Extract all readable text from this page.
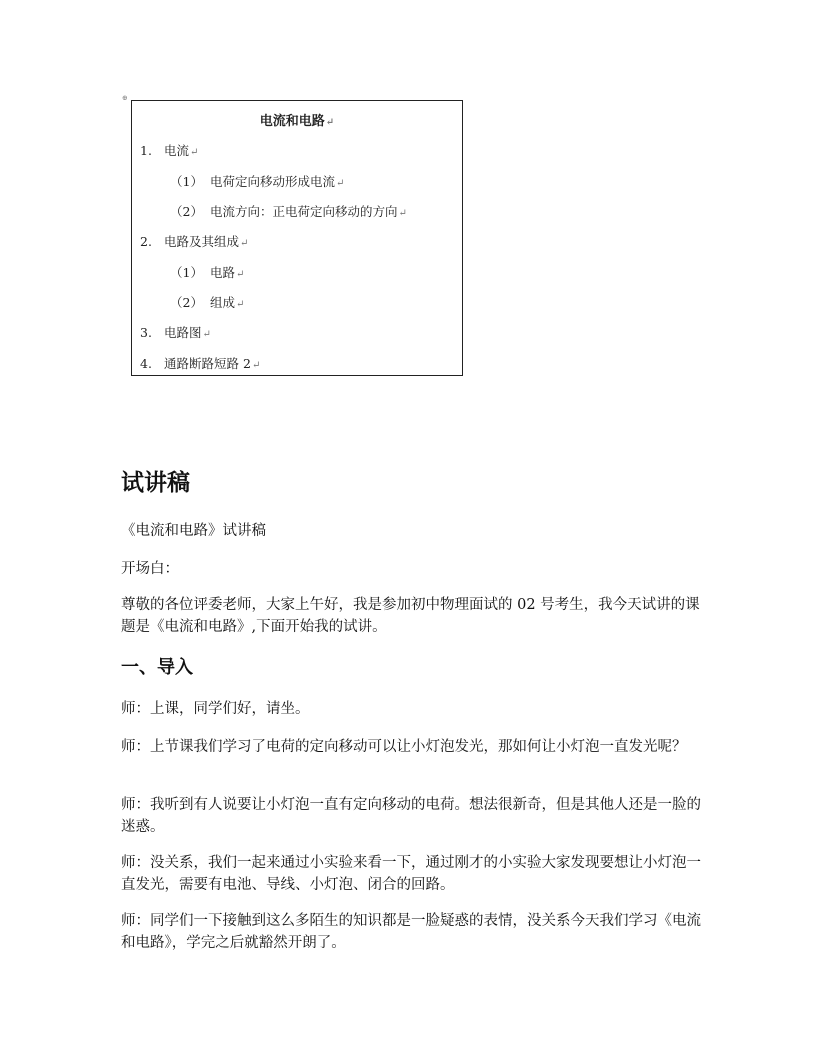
⊕
电流和电路↵
1. 电流↵
（1） 电荷定向移动形成电流↵
（2） 电流方向：正电荷定向移动的方向↵
2. 电路及其组成↵
（1） 电路↵
（2） 组成↵
3. 电路图↵
4. 通路断路短路 2↵
试讲稿

《电流和电路》试讲稿

开场白：

尊敬的各位评委老师，大家上午好，我是参加初中物理面试的 02 号考生，我今天试讲的课题是《电流和电路》,下面开始我的试讲。

一、导入

师：上课，同学们好，请坐。

师：上节课我们学习了电荷的定向移动可以让小灯泡发光，那如何让小灯泡一直发光呢？

师：我听到有人说要让小灯泡一直有定向移动的电荷。想法很新奇，但是其他人还是一脸的迷惑。

师：没关系，我们一起来通过小实验来看一下，通过刚才的小实验大家发现要想让小灯泡一直发光，需要有电池、导线、小灯泡、闭合的回路。

师：同学们一下接触到这么多陌生的知识都是一脸疑惑的表情，没关系今天我们学习《电流和电路》，学完之后就豁然开朗了。
